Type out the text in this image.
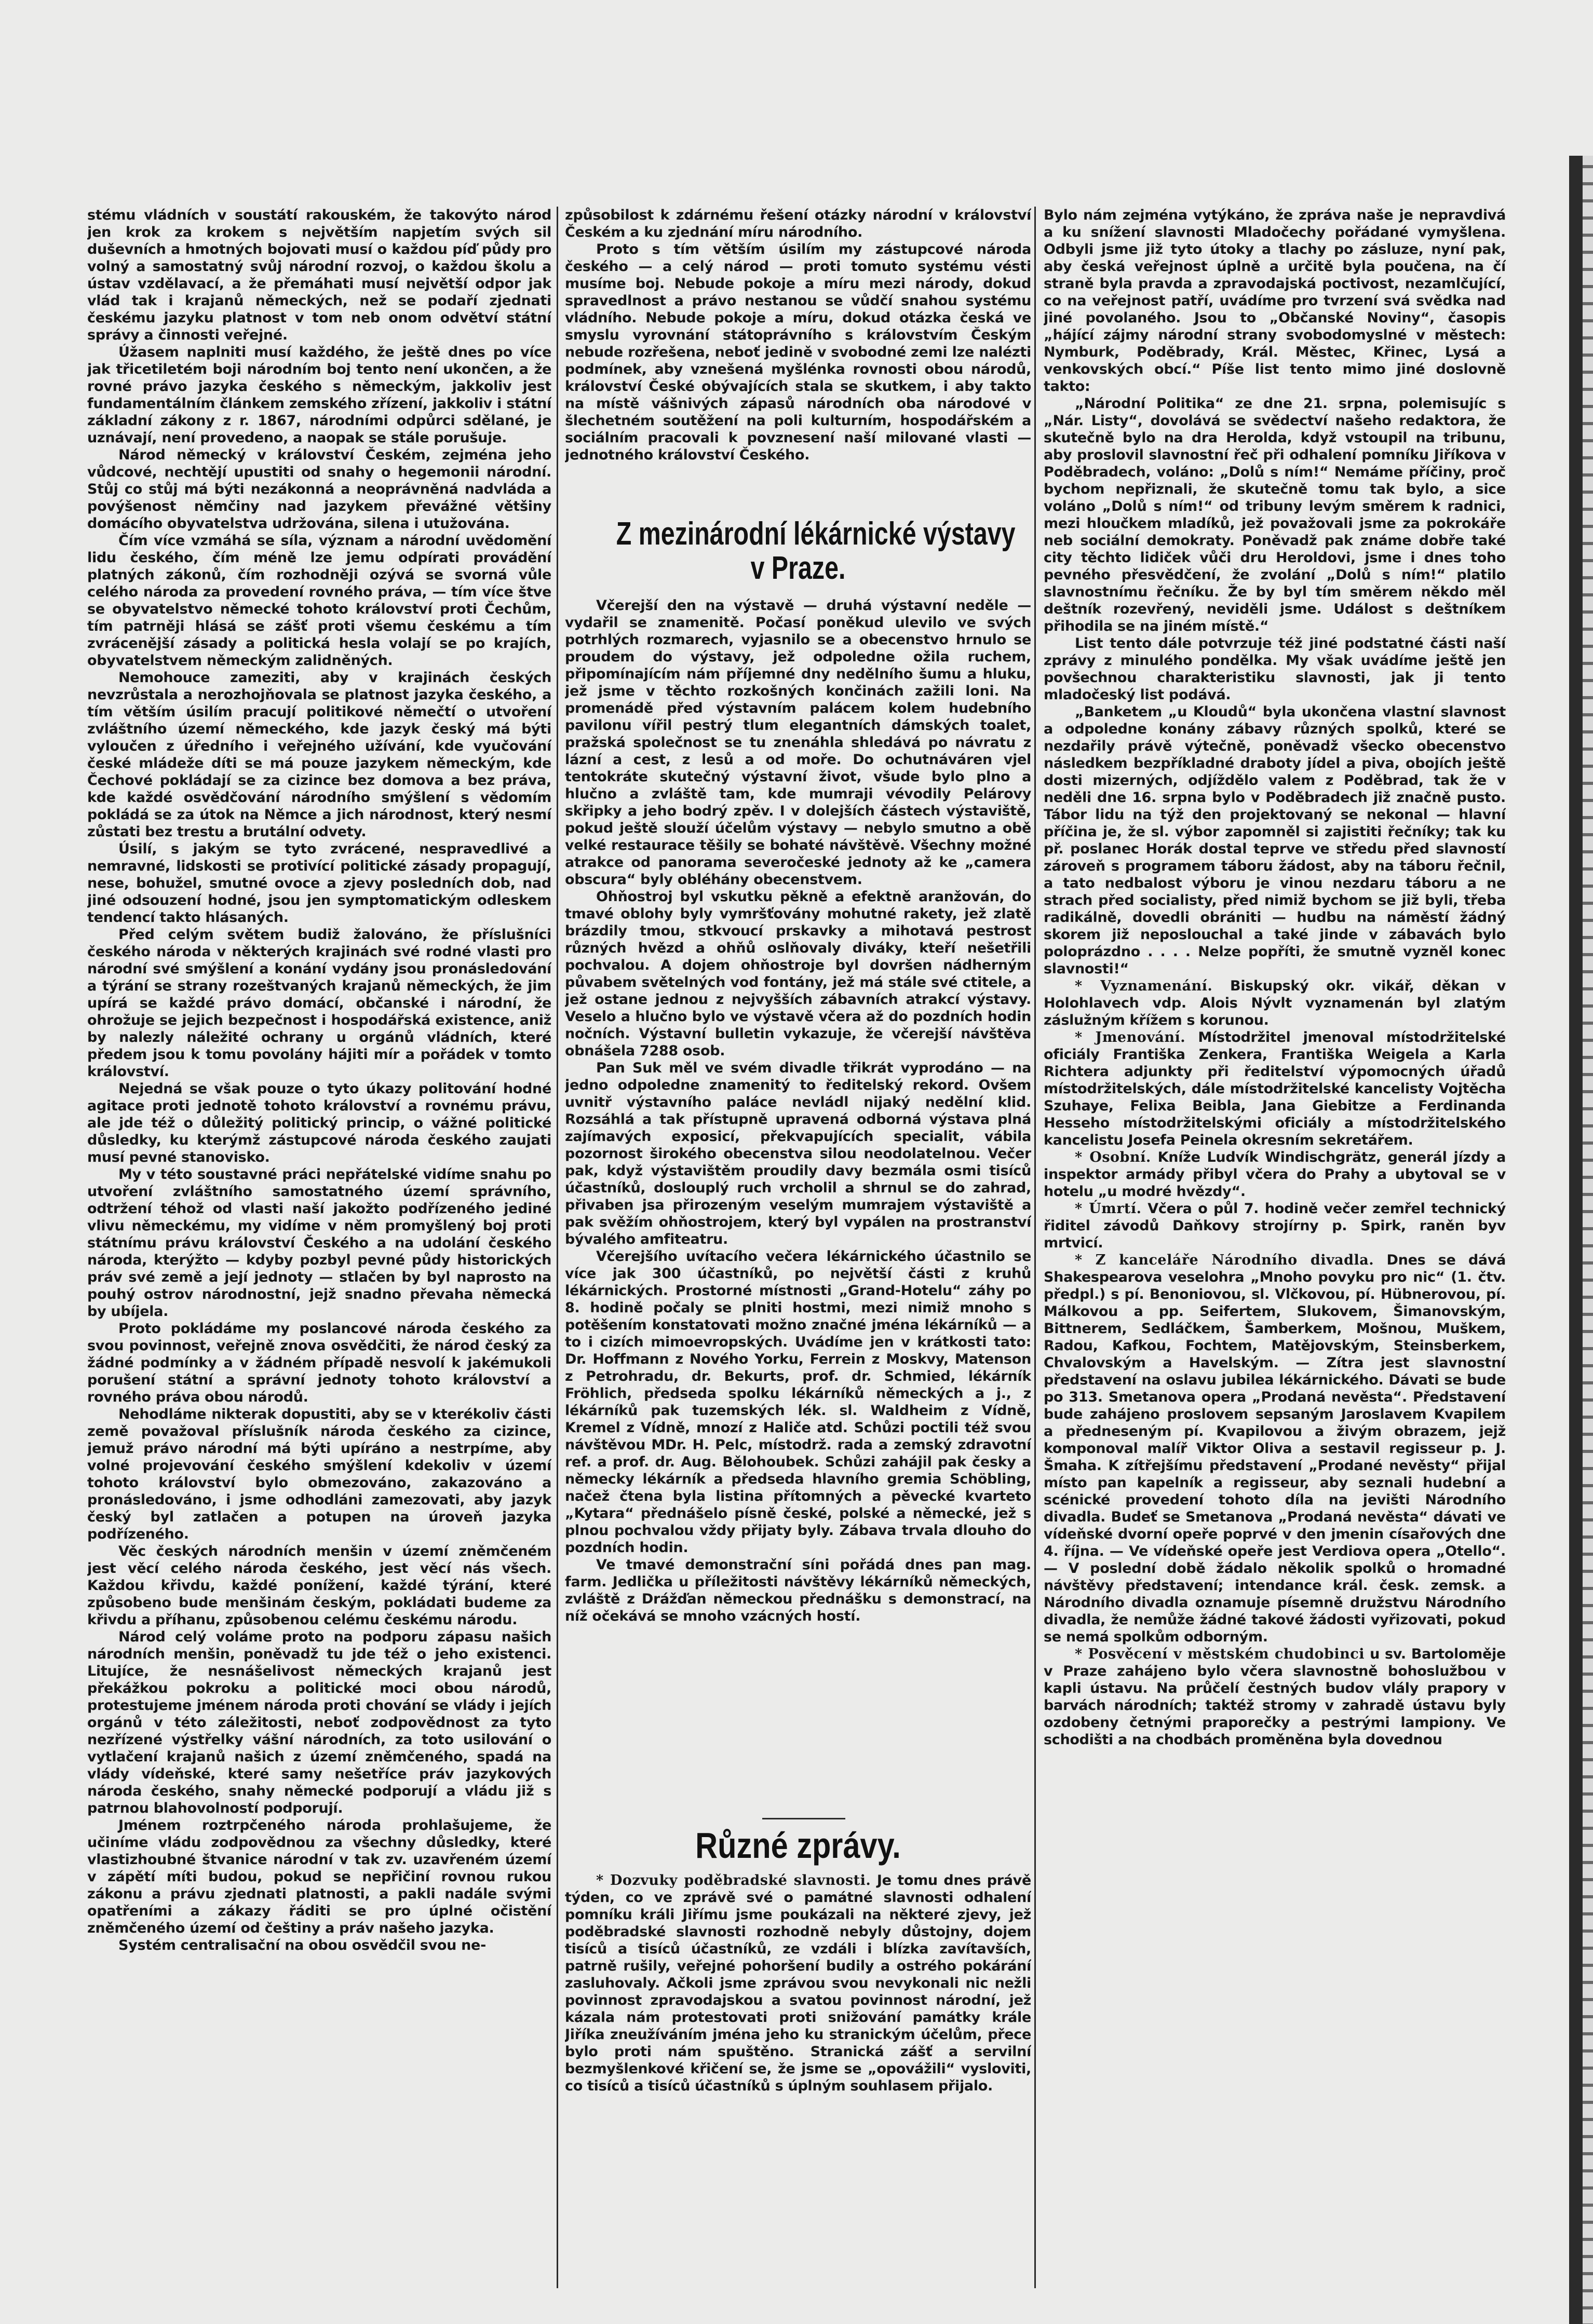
stému vládních v soustátí rakouském, že takovýto národ jen krok za krokem s největším napjetím svých sil duševních a hmotných bojovati musí o každou píď půdy pro volný a samostatný svůj národní rozvoj, o každou školu a ústav vzdělavací, a že přemáhati musí největší odpor jak vlád tak i krajanů německých, než se podaří zjednati českému jazyku platnost v tom neb onom odvětví státní správy a činnosti veřejné.

Úžasem naplniti musí každého, že ještě dnes po více jak třicetiletém boji národním boj tento není ukončen, a že rovné právo jazyka českého s německým, jakkoliv jest fundamentálním článkem zemského zřízení, jakkoliv i státní základní zákony z r. 1867, národními odpůrci sdělané, je uznávají, není provedeno, a naopak se stále porušuje.

Národ německý v království Českém, zejména jeho vůdcové, nechtějí upustiti od snahy o hegemonii národní. Stůj co stůj má býti nezákonná a neoprávněná nadvláda a povýšenost němčiny nad jazykem převážné většiny domácího obyvatelstva udržována, silena i utužována.

Čím více vzmáhá se síla, význam a národní uvědomění lidu českého, čím méně lze jemu odpírati provádění platných zákonů, čím rozhodněji ozývá se svorná vůle celého národa za provedení rovného práva, — tím více štve se obyvatelstvo německé tohoto království proti Čechům, tím patrněji hlásá se zášť proti všemu českému a tím zvrácenější zásady a politická hesla volají se po krajích, obyvatelstvem německým zalidněných.

Nemohouce zameziti, aby v krajinách českých nevzrůstala a nerozhojňovala se platnost jazyka českého, a tím větším úsilím pracují politikové němečtí o utvoření zvláštního území německého, kde jazyk český má býti vyloučen z úředního i veřejného užívání, kde vyučování české mládeže díti se má pouze jazykem německým, kde Čechové pokládají se za cizince bez domova a bez práva, kde každé osvědčování národního smýšlení s vědomím pokládá se za útok na Němce a jich národnost, který nesmí zůstati bez trestu a brutální odvety.

Úsilí, s jakým se tyto zvrácené, nespravedlivé a nemravné, lidskosti se protivící politické zásady propagují, nese, bohužel, smutné ovoce a zjevy posledních dob, nad jiné odsouzení hodné, jsou jen symptomatickým odleskem tendencí takto hlásaných.

Před celým světem budiž žalováno, že příslušníci českého národa v některých krajinách své rodné vlasti pro národní své smýšlení a konání vydány jsou pronásledování a týrání se strany rozeštvaných krajanů německých, že jim upírá se každé právo domácí, občanské i národní, že ohrožuje se jejich bezpečnost i hospodářská existence, aniž by nalezly náležité ochrany u orgánů vládních, které předem jsou k tomu povolány hájiti mír a pořádek v tomto království.

Nejedná se však pouze o tyto úkazy politování hodné agitace proti jednotě tohoto království a rovnému právu, ale jde též o důležitý politický princip, o vážné politické důsledky, ku kterýmž zástupcové národa českého zaujati musí pevné stanovisko.

My v této soustavné práci nepřátelské vidíme snahu po utvoření zvláštního samostatného území správního, odtržení téhož od vlasti naší jakožto podřízeného jediné vlivu německému, my vidíme v něm promyšlený boj proti státnímu právu království Českého a na udolání českého národa, kterýžto — kdyby pozbyl pevné půdy historických práv své země a její jednoty — stlačen by byl naprosto na pouhý ostrov národnostní, jejž snadno převaha německá by ubíjela.

Proto pokládáme my poslancové národa českého za svou povinnost, veřejně znova osvědčiti, že národ český za žádné podmínky a v žádném případě nesvolí k jakémukoli porušení státní a správní jednoty tohoto království a rovného práva obou národů.

Nehodláme nikterak dopustiti, aby se v kterékoliv části země považoval příslušník národa českého za cizince, jemuž právo národní má býti upíráno a nestrpíme, aby volné projevování českého smýšlení kdekoliv v území tohoto království bylo obmezováno, zakazováno a pronásledováno, i jsme odhodláni zamezovati, aby jazyk český byl zatlačen a potupen na úroveň jazyka podřízeného.

Věc českých národních menšin v území zněmčeném jest věcí celého národa českého, jest věcí nás všech. Každou křivdu, každé ponížení, každé týrání, které způsobeno bude menšinám českým, pokládati budeme za křivdu a příhanu, způsobenou celému českému národu.

Národ celý voláme proto na podporu zápasu našich národních menšin, poněvadž tu jde též o jeho existenci. Litujíce, že nesnášelivost německých krajanů jest překážkou pokroku a politické moci obou národů, protestujeme jménem národa proti chování se vlády i jejích orgánů v této záležitosti, neboť zodpovědnost za tyto nezřízené výstřelky vášní národních, za toto usilování o vytlačení krajanů našich z území zněmčeného, spadá na vlády vídeňské, které samy nešetříce práv jazykových národa českého, snahy německé podporují a vládu již s patrnou blahovolností podporují.

Jménem roztrpčeného národa prohlašujeme, že učiníme vládu zodpovědnou za všechny důsledky, které vlastizhoubné štvanice národní v tak zv. uzavřeném území v zápětí míti budou, pokud se nepřičiní rovnou rukou zákonu a právu zjednati platnosti, a pakli nadále svými opatřeními a zákazy řáditi se pro úplné očistění zněmčeného území od češtiny a práv našeho jazyka.

Systém centralisační na obou osvědčil svou ne-

způsobilost k zdárnému řešení otázky národní v království Českém a ku zjednání míru národního.

Proto s tím větším úsilím my zástupcové národa českého — a celý národ — proti tomuto systému vésti musíme boj. Nebude pokoje a míru mezi národy, dokud spravedlnost a právo nestanou se vůdčí snahou systému vládního. Nebude pokoje a míru, dokud otázka česká ve smyslu vyrovnání státoprávního s královstvím Českým nebude rozřešena, neboť jedině v svobodné zemi lze nalézti podmínek, aby vznešená myšlénka rovnosti obou národů, království České obývajících stala se skutkem, i aby takto na místě vášnivých zápasů národních oba národové v šlechetném soutěžení na poli kulturním, hospodářském a sociálním pracovali k povznesení naší milované vlasti — jednotného království Českého.

Z mezinárodní lékárnické výstavy
v Praze.

Včerejší den na výstavě — druhá výstavní neděle — vydařil se znamenitě. Počasí poněkud ulevilo ve svých potrhlých rozmarech, vyjasnilo se a obecenstvo hrnulo se proudem do výstavy, jež odpoledne ožila ruchem, připomínajícím nám příjemné dny nedělního šumu a hluku, jež jsme v těchto rozkošných končinách zažili loni. Na promenádě před výstavním palácem kolem hudebního pavilonu vířil pestrý tlum elegantních dámských toalet, pražská společnost se tu znenáhla shledává po návratu z lázní a cest, z lesů a od moře. Do ochutnáváren vjel tentokráte skutečný výstavní život, všude bylo plno a hlučno a zvláště tam, kde mumraji vévodily Pelárovy skřipky a jeho bodrý zpěv. I v dolejších částech výstaviště, pokud ještě slouží účelům výstavy — nebylo smutno a obě velké restaurace těšily se bohaté návštěvě. Všechny možné atrakce od panorama severočeské jednoty až ke „camera obscura“ byly obléhány obecenstvem.

Ohňostroj byl vskutku pěkně a efektně aranžován, do tmavé oblohy byly vymršťovány mohutné rakety, jež zlatě brázdily tmou, stkvoucí prskavky a mihotavá pestrost různých hvězd a ohňů oslňovaly diváky, kteří nešetřili pochvalou. A dojem ohňostroje byl dovršen nádherným půvabem světelných vod fontány, jež má stále své ctitele, a jež ostane jednou z nejvyšších zábavních atrakcí výstavy. Veselo a hlučno bylo ve výstavě včera až do pozdních hodin nočních. Výstavní bulletin vykazuje, že včerejší návštěva obnášela 7288 osob.

Pan Suk měl ve svém divadle třikrát vyprodáno — na jedno odpoledne znamenitý to ředitelský rekord. Ovšem uvnitř výstavního paláce nevládl nijaký nedělní klid. Rozsáhlá a tak přístupně upravená odborná výstava plná zajímavých exposicí, překvapujících specialit, vábila pozornost širokého obecenstva silou neodolatelnou. Večer pak, když výstavištěm proudily davy bezmála osmi tisíců účastníků, doslouplý ruch vrcholil a shrnul se do zahrad, přivaben jsa přirozeným veselým mumrajem výstaviště a pak svěžím ohňostrojem, který byl vypálen na prostranství bývalého amfiteatru.

Včerejšího uvítacího večera lékárnického účastnilo se více jak 300 účastníků, po největší části z kruhů lékárnických. Prostorné místnosti „Grand-Hotelu“ záhy po 8. hodině počaly se plniti hostmi, mezi nimiž mnoho s potěšením konstatovati možno značné jména lékárníků — a to i cizích mimoevropských. Uvádíme jen v krátkosti tato: Dr. Hoffmann z Nového Yorku, Ferrein z Moskvy, Matenson z Petrohradu, dr. Bekurts, prof. dr. Schmied, lékárník Fröhlich, předseda spolku lékárníků německých a j., z lékárníků pak tuzemských lék. sl. Waldheim z Vídně, Kremel z Vídně, mnozí z Haliče atd. Schůzi poctili též svou návštěvou MDr. H. Pelc, místodrž. rada a zemský zdravotní ref. a prof. dr. Aug. Bělohoubek. Schůzi zahájil pak česky a německy lékárník a předseda hlavního gremia Schöbling, načež čtena byla listina přítomných a pěvecké kvarteto „Kytara“ přednášelo písně české, polské a německé, jež s plnou pochvalou vždy přijaty byly. Zábava trvala dlouho do pozdních hodin.

Ve tmavé demonstrační síni pořádá dnes pan mag. farm. Jedlička u příležitosti návštěvy lékárníků německých, zvláště z Drážďan německou přednášku s demonstrací, na níž očekává se mnoho vzácných hostí.

Různé zprávy.

* Dozvuky poděbradské slavnosti. Je tomu dnes právě týden, co ve zprávě své o památné slavnosti odhalení pomníku králi Jiřímu jsme poukázali na některé zjevy, jež poděbradské slavnosti rozhodně nebyly důstojny, dojem tisíců a tisíců účastníků, ze vzdáli i blízka zavítavších, patrně rušily, veřejné pohoršení budily a ostrého pokárání zasluhovaly. Ačkoli jsme zprávou svou nevykonali nic nežli povinnost zpravodajskou a svatou povinnost národní, jež kázala nám protestovati proti snižování památky krále Jiříka zneužíváním jména jeho ku stranickým účelům, přece bylo proti nám spuštěno. Stranická zášť a servilní bezmyšlenkové křičení se, že jsme se „opovážili“ vysloviti, co tisíců a tisíců účastníků s úplným souhlasem přijalo.

Bylo nám zejména vytýkáno, že zpráva naše je nepravdivá a ku snížení slavnosti Mladočechy pořádané vymyšlena. Odbyli jsme již tyto útoky a tlachy po zásluze, nyní pak, aby česká veřejnost úplně a určitě byla poučena, na čí straně byla pravda a zpravodajská poctivost, nezamlčující, co na veřejnost patří, uvádíme pro tvrzení svá svědka nad jiné povolaného. Jsou to „Občanské Noviny“, časopis „hájící zájmy národní strany svobodomyslné v městech: Nymburk, Poděbrady, Král. Městec, Křinec, Lysá a venkovských obcí.“ Píše list tento mimo jiné doslovně takto:

„Národní Politika“ ze dne 21. srpna, polemisujíc s „Nár. Listy“, dovolává se svědectví našeho redaktora, že skutečně bylo na dra Herolda, když vstoupil na tribunu, aby proslovil slavnostní řeč při odhalení pomníku Jiříkova v Poděbradech, voláno: „Dolů s ním!“ Nemáme příčiny, proč bychom nepřiznali, že skutečně tomu tak bylo, a sice voláno „Dolů s ním!“ od tribuny levým směrem k radnici, mezi hloučkem mladíků, jež považovali jsme za pokrokáře neb sociální demokraty. Poněvadž pak známe dobře také city těchto lidiček vůči dru Heroldovi, jsme i dnes toho pevného přesvědčení, že zvolání „Dolů s ním!“ platilo slavnostnímu řečníku. Že by byl tím směrem někdo měl deštník rozevřený, neviděli jsme. Událost s deštníkem přihodila se na jiném místě.“

List tento dále potvrzuje též jiné podstatné části naší zprávy z minulého pondělka. My však uvádíme ještě jen povšechnou charakteristiku slavnosti, jak ji tento mladočeský list podává.

„Banketem „u Kloudů“ byla ukončena vlastní slavnost a odpoledne konány zábavy různých spolků, které se nezdařily právě výtečně, poněvadž všecko obecenstvo následkem bezpříkladné draboty jídel a piva, obojích ještě dosti mizerných, odjíždělo valem z Poděbrad, tak že v neděli dne 16. srpna bylo v Poděbradech již značně pusto. Tábor lidu na týž den projektovaný se nekonal — hlavní příčina je, že sl. výbor zapomněl si zajistiti řečníky; tak ku př. poslanec Horák dostal teprve ve středu před slavností zároveň s programem táboru žádost, aby na táboru řečnil, a tato nedbalost výboru je vinou nezdaru táboru a ne strach před socialisty, před nimiž bychom se již byli, třeba radikálně, dovedli obrániti — hudbu na náměstí žádný skorem již neposlouchal a také jinde v zábavách bylo poloprázdno . . . . Nelze popříti, že smutně vyzněl konec slavnosti!“

* Vyznamenání. Biskupský okr. vikář, děkan v Holohlavech vdp. Alois Nývlt vyznamenán byl zlatým záslužným křížem s korunou.

* Jmenování. Místodržitel jmenoval místodržitelské oficiály Františka Zenkera, Františka Weigela a Karla Richtera adjunkty při ředitelství výpomocných úřadů místodržitelských, dále místodržitelské kancelisty Vojtěcha Szuhaye, Felixa Beibla, Jana Giebitze a Ferdinanda Hesseho místodržitelskými oficiály a místodržitelského kancelistu Josefa Peinela okresním sekretářem.

* Osobní. Kníže Ludvík Windischgrätz, generál jízdy a inspektor armády přibyl včera do Prahy a ubytoval se v hotelu „u modré hvězdy“.

* Úmrtí. Včera o půl 7. hodině večer zemřel technický řiditel závodů Daňkovy strojírny p. Spirk, raněn byv mrtvicí.

* Z kanceláře Národního divadla. Dnes se dává Shakespearova veselohra „Mnoho povyku pro nic“ (1. čtv. předpl.) s pí. Benoniovou, sl. Vlčkovou, pí. Hübnerovou, pí. Málkovou a pp. Seifertem, Slukovem, Šimanovským, Bittnerem, Sedláčkem, Šamberkem, Mošnou, Muškem, Radou, Kafkou, Fochtem, Matějovským, Steinsberkem, Chvalovským a Havelským. — Zítra jest slavnostní představení na oslavu jubilea lékárnického. Dávati se bude po 313. Smetanova opera „Prodaná nevěsta“. Představení bude zahájeno proslovem sepsaným Jaroslavem Kvapilem a předneseným pí. Kvapilovou a živým obrazem, jejž komponoval malíř Viktor Oliva a sestavil regisseur p. J. Šmaha. K zítřejšímu představení „Prodané nevěsty“ přijal místo pan kapelník a regisseur, aby seznali hudební a scénické provedení tohoto díla na jevišti Národního divadla. Budeť se Smetanova „Prodaná nevěsta“ dávati ve vídeňské dvorní opeře poprvé v den jmenin císařových dne 4. října. — Ve vídeňské opeře jest Verdiova opera „Otello“. — V poslední době žádalo několik spolků o hromadné návštěvy představení; intendance král. česk. zemsk. a Národního divadla oznamuje písemně družstvu Národního divadla, že nemůže žádné takové žádosti vyřizovati, pokud se nemá spolkům odborným.

* Posvěcení v městském chudobinci u sv. Bartoloměje v Praze zahájeno bylo včera slavnostně bohoslužbou v kapli ústavu. Na průčelí čestných budov vlály prapory v barvách národních; taktéž stromy v zahradě ústavu byly ozdobeny četnými praporečky a pestrými lampiony. Ve schodišti a na chodbách proměněna byla dovednou
